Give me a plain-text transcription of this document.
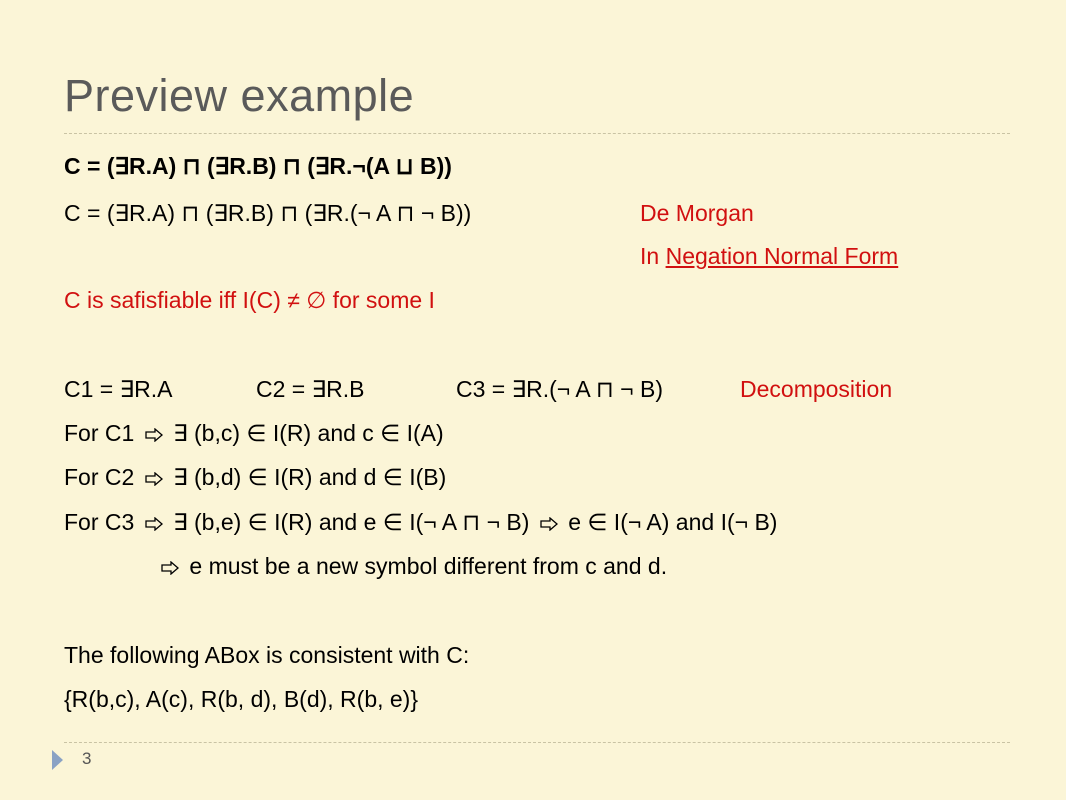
Preview example
C = (∃R.A) ⊓ (∃R.B) ⊓ (∃R.¬(A ⊔ B))
C = (∃R.A) ⊓ (∃R.B) ⊓ (∃R.(¬ A ⊓ ¬ B))	De Morgan
In Negation Normal Form
C is safisfiable iff I(C) ≠ ∅ for some I
C1 = ∃R.A	C2 = ∃R.B	C3 = ∃R.(¬ A ⊓ ¬ B)	Decomposition
For C1 ∃ (b,c) ∈ I(R) and c ∈ I(A)
For C2 ∃ (b,d) ∈ I(R) and d ∈ I(B)
For C3 ∃ (b,e) ∈ I(R) and e ∈ I(¬ A ⊓ ¬ B) e ∈ I(¬ A) and I(¬ B)
e must be a new symbol different from c and d.
The following ABox is consistent with C:
{R(b,c), A(c), R(b, d), B(d), R(b, e)}
3
